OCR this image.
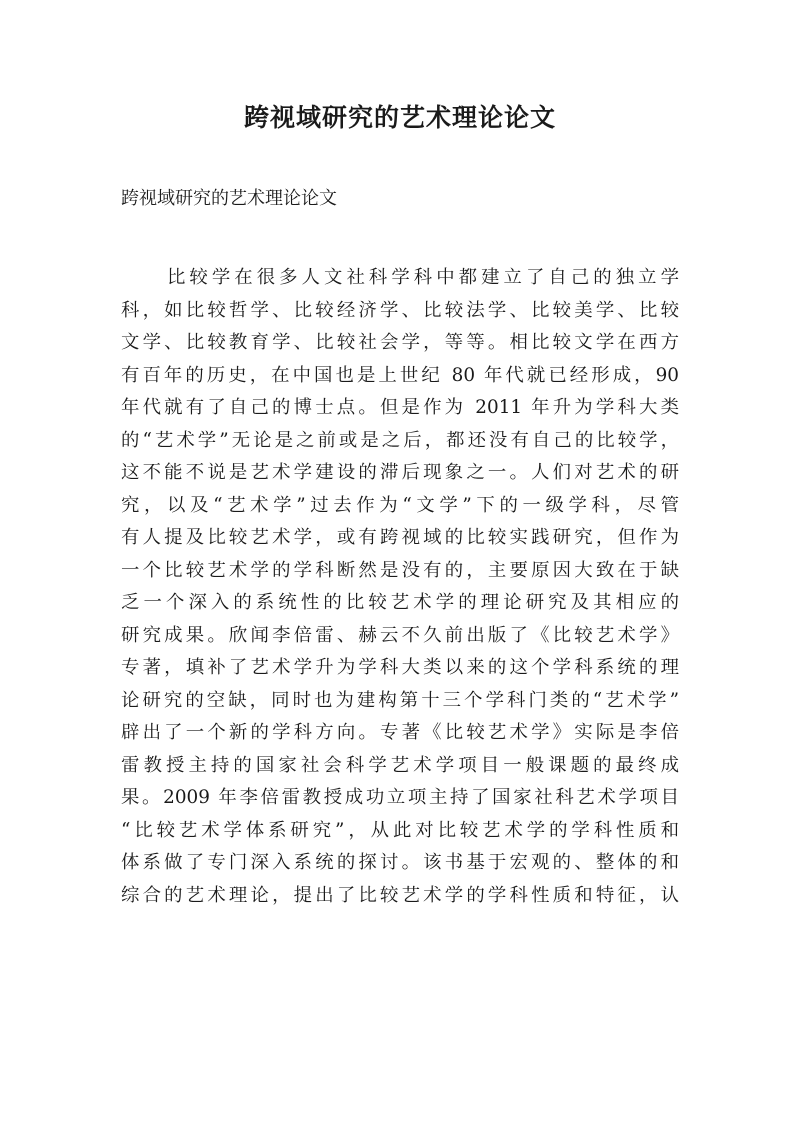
跨视域研究的艺术理论论文

跨视域研究的艺术理论论文

比较学在很多人文社科学科中都建立了自己的独立学
科，如比较哲学、比较经济学、比较法学、比较美学、比较
文学、比较教育学、比较社会学，等等。相比较文学在西方
有百年的历史，在中国也是上世纪 80 年代就已经形成，90
年代就有了自己的博士点。但是作为 2011 年升为学科大类
的“艺术学”无论是之前或是之后，都还没有自己的比较学，
这不能不说是艺术学建设的滞后现象之一。人们对艺术的研
究，以及“艺术学”过去作为“文学”下的一级学科，尽管
有人提及比较艺术学，或有跨视域的比较实践研究，但作为
一个比较艺术学的学科断然是没有的，主要原因大致在于缺
乏一个深入的系统性的比较艺术学的理论研究及其相应的
研究成果。欣闻李倍雷、赫云不久前出版了《比较艺术学》
专著，填补了艺术学升为学科大类以来的这个学科系统的理
论研究的空缺，同时也为建构第十三个学科门类的“艺术学”
辟出了一个新的学科方向。专著《比较艺术学》实际是李倍
雷教授主持的国家社会科学艺术学项目一般课题的最终成
果。2009 年李倍雷教授成功立项主持了国家社科艺术学项目
“比较艺术学体系研究”，从此对比较艺术学的学科性质和
体系做了专门深入系统的探讨。该书基于宏观的、整体的和
综合的艺术理论，提出了比较艺术学的学科性质和特征，认
